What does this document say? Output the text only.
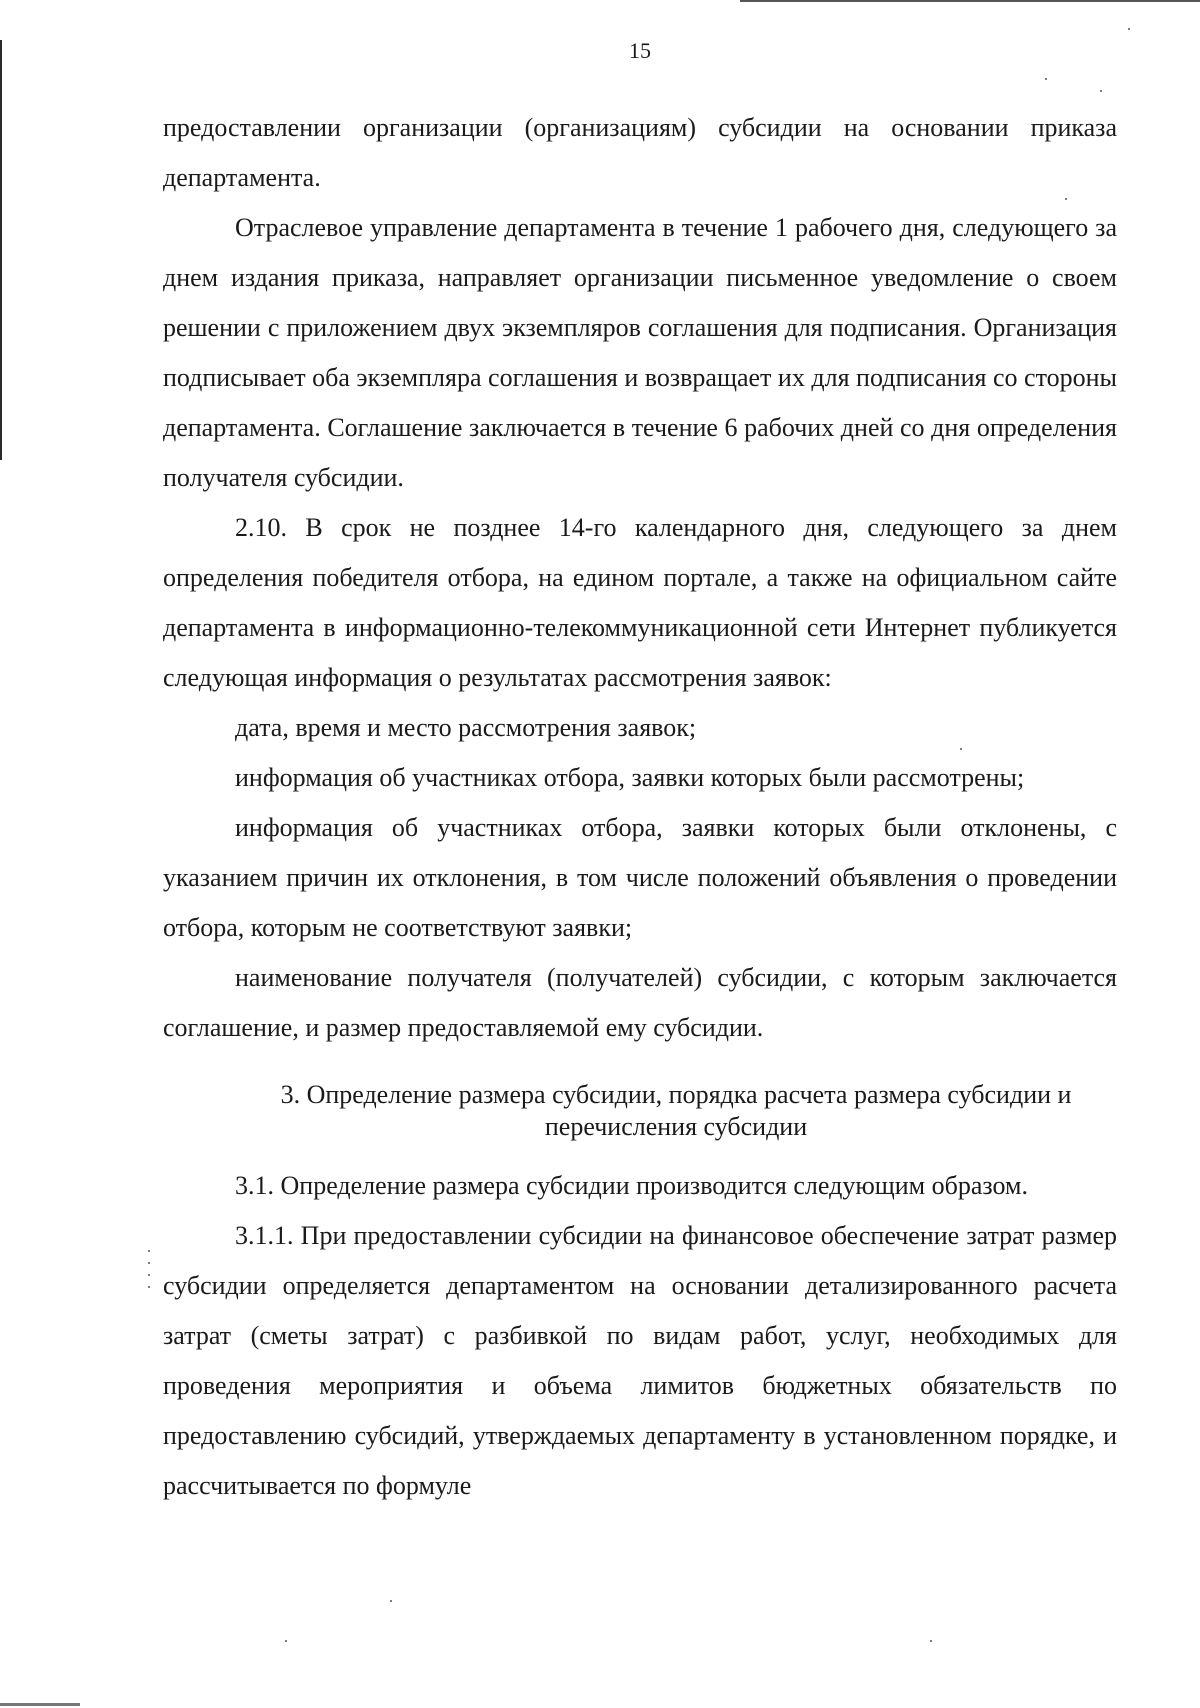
15

предоставлении организации (организациям) субсидии на основании приказа департамента.

Отраслевое управление департамента в течение 1 рабочего дня, следующего за днем издания приказа, направляет организации письменное уведомление о своем решении с приложением двух экземпляров соглашения для подписания. Организация подписывает оба экземпляра соглашения и возвращает их для подписания со стороны департамента. Соглашение заключается в течение 6 рабочих дней со дня определения получателя субсидии.

2.10. В срок не позднее 14-го календарного дня, следующего за днем определения победителя отбора, на едином портале, а также на официальном сайте департамента в информационно-телекоммуникационной сети Интернет публикуется следующая информация о результатах рассмотрения заявок:

дата, время и место рассмотрения заявок;

информация об участниках отбора, заявки которых были рассмотрены;

информация об участниках отбора, заявки которых были отклонены, с указанием причин их отклонения, в том числе положений объявления о проведении отбора, которым не соответствуют заявки;

наименование получателя (получателей) субсидии, с которым заключается соглашение, и размер предоставляемой ему субсидии.

3. Определение размера субсидии, порядка расчета размера субсидии и

перечисления субсидии

3.1. Определение размера субсидии производится следующим образом.

3.1.1. При предоставлении субсидии на финансовое обеспечение затрат размер субсидии определяется департаментом на основании детализированного расчета затрат (сметы затрат) с разбивкой по видам работ, услуг, необходимых для проведения мероприятия и объема лимитов бюджетных обязательств по предоставлению субсидий, утверждаемых департаменту в установленном порядке, и рассчитывается по формуле
